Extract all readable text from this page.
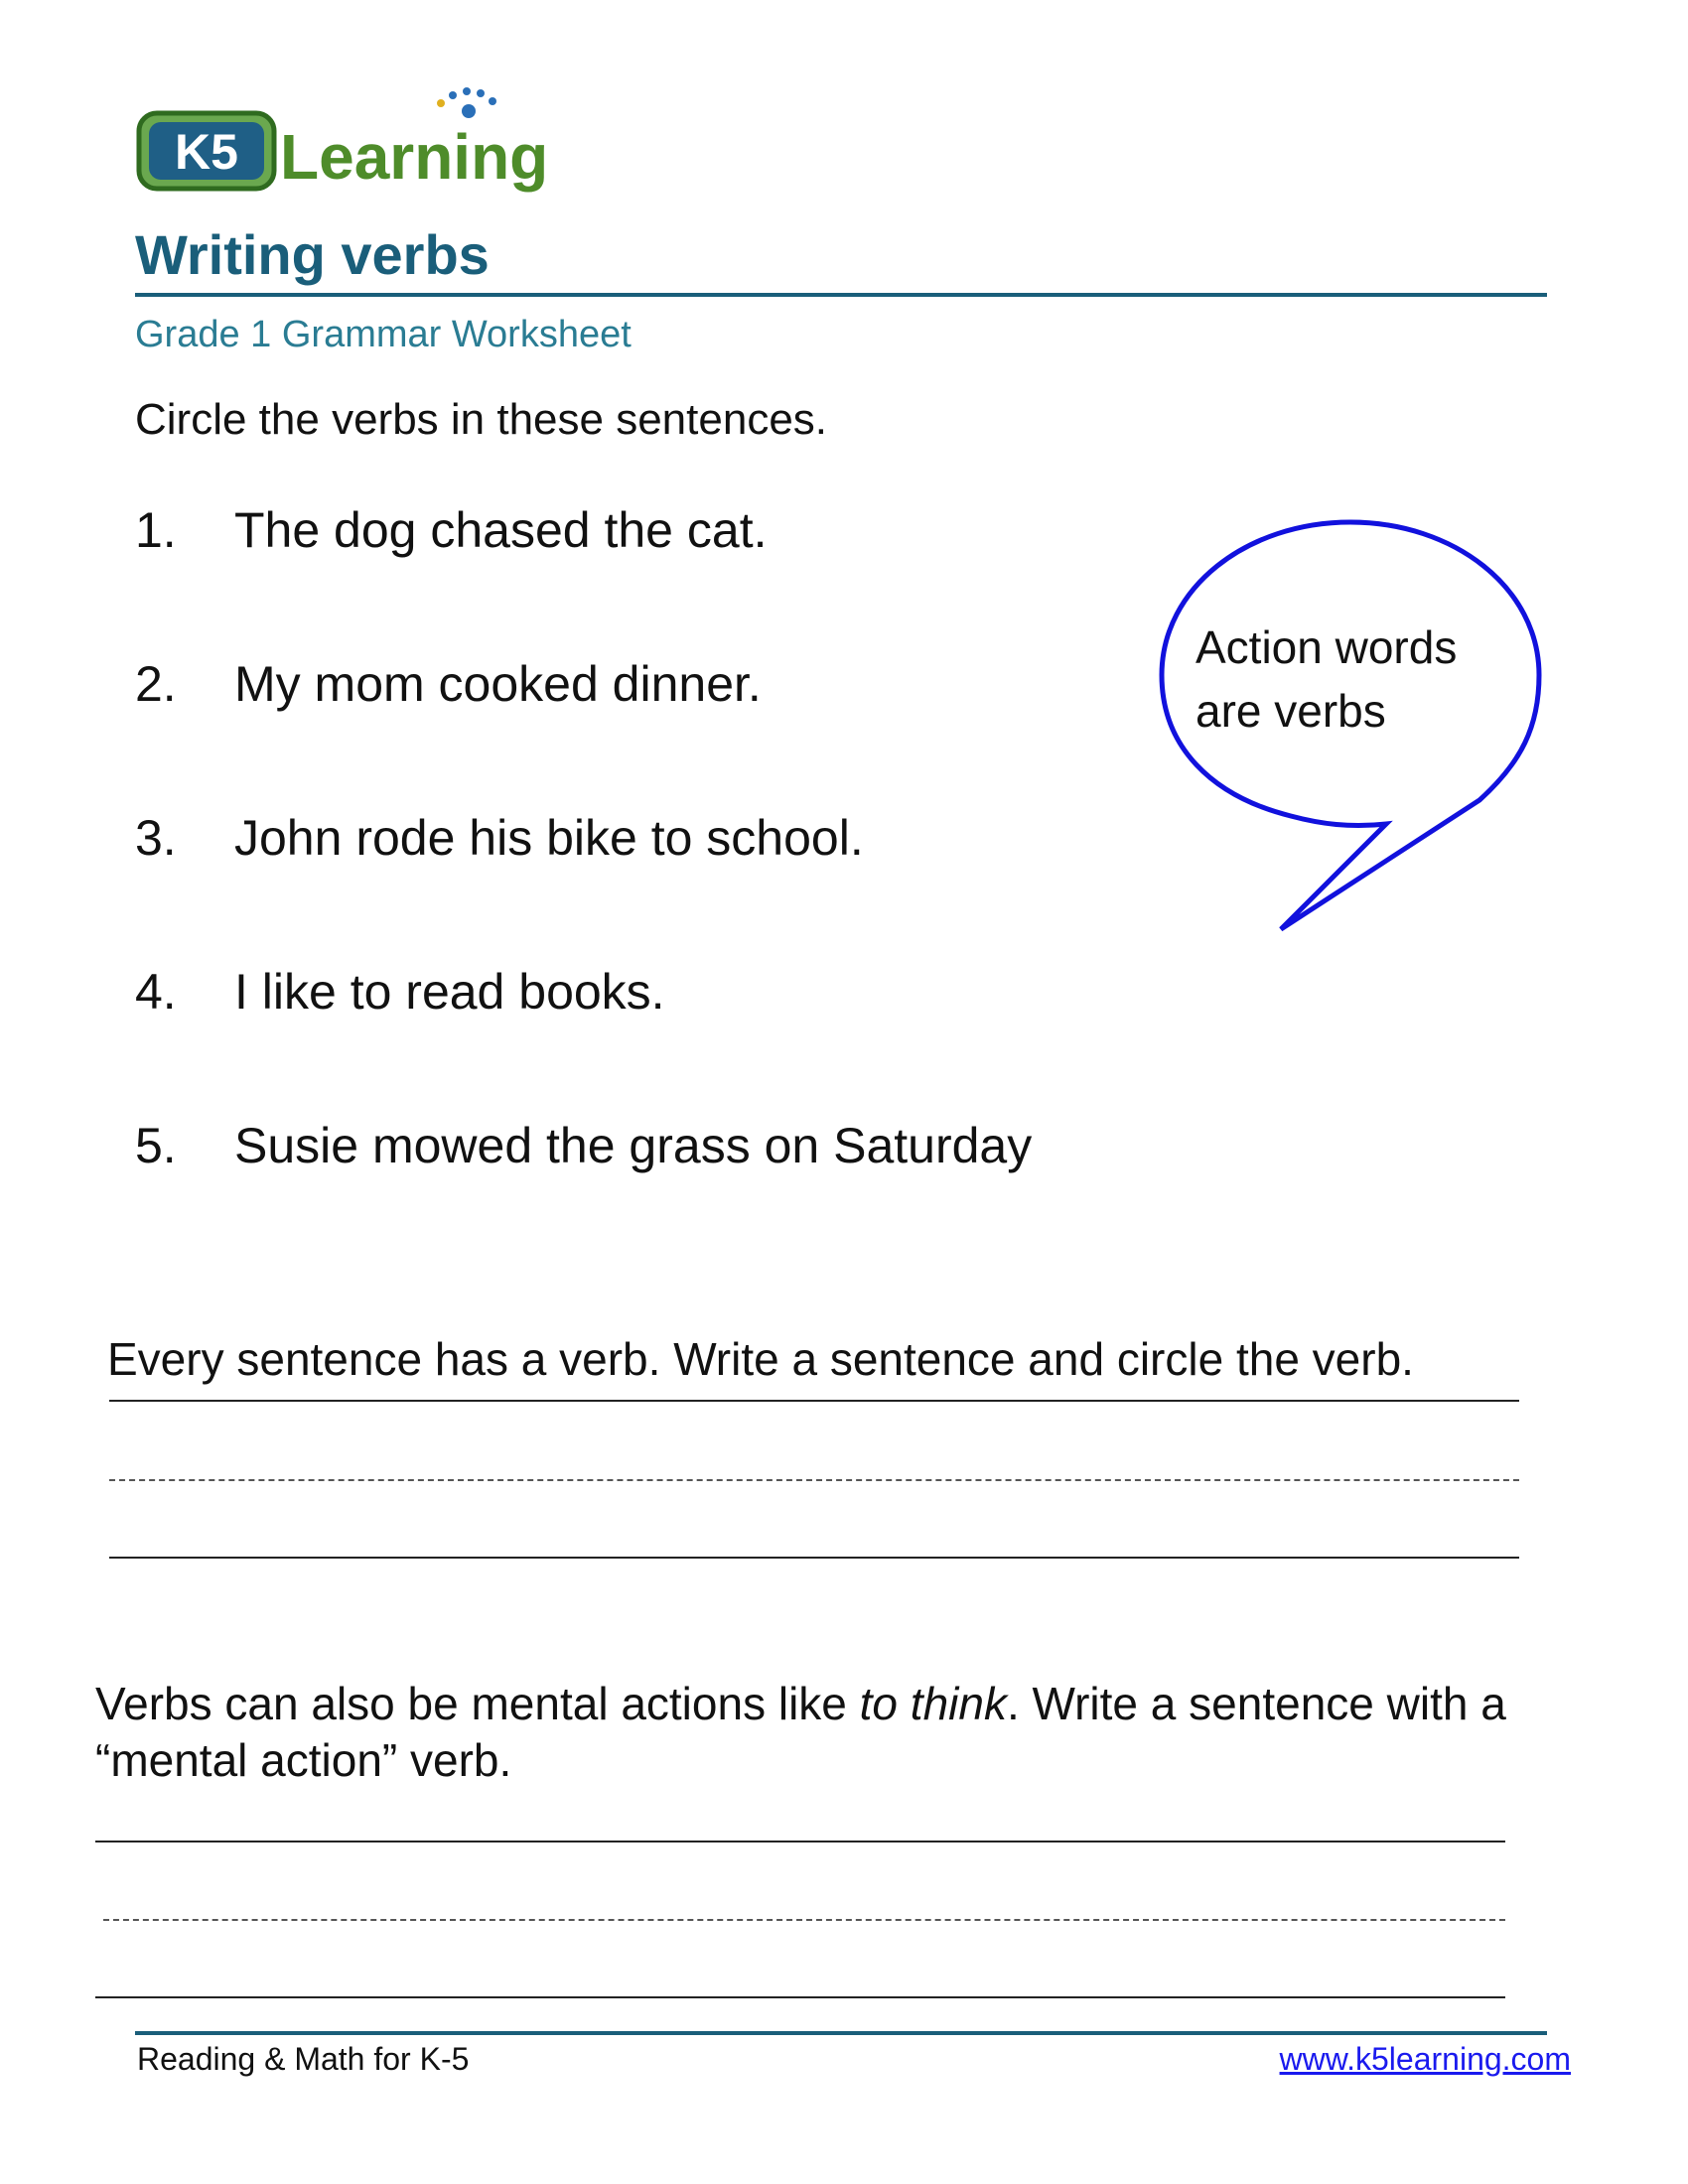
K5 Learning
Writing verbs
Grade 1 Grammar Worksheet
Circle the verbs in these sentences.
1. The dog chased the cat.
2. My mom cooked dinner.
3. John rode his bike to school.
4. I like to read books.
5. Susie mowed the grass on Saturday
Action words
are verbs
Every sentence has a verb. Write a sentence and circle the verb.
Verbs can also be mental actions like to think. Write a sentence with a “mental action” verb.
Reading & Math for K-5	www.k5learning.com
